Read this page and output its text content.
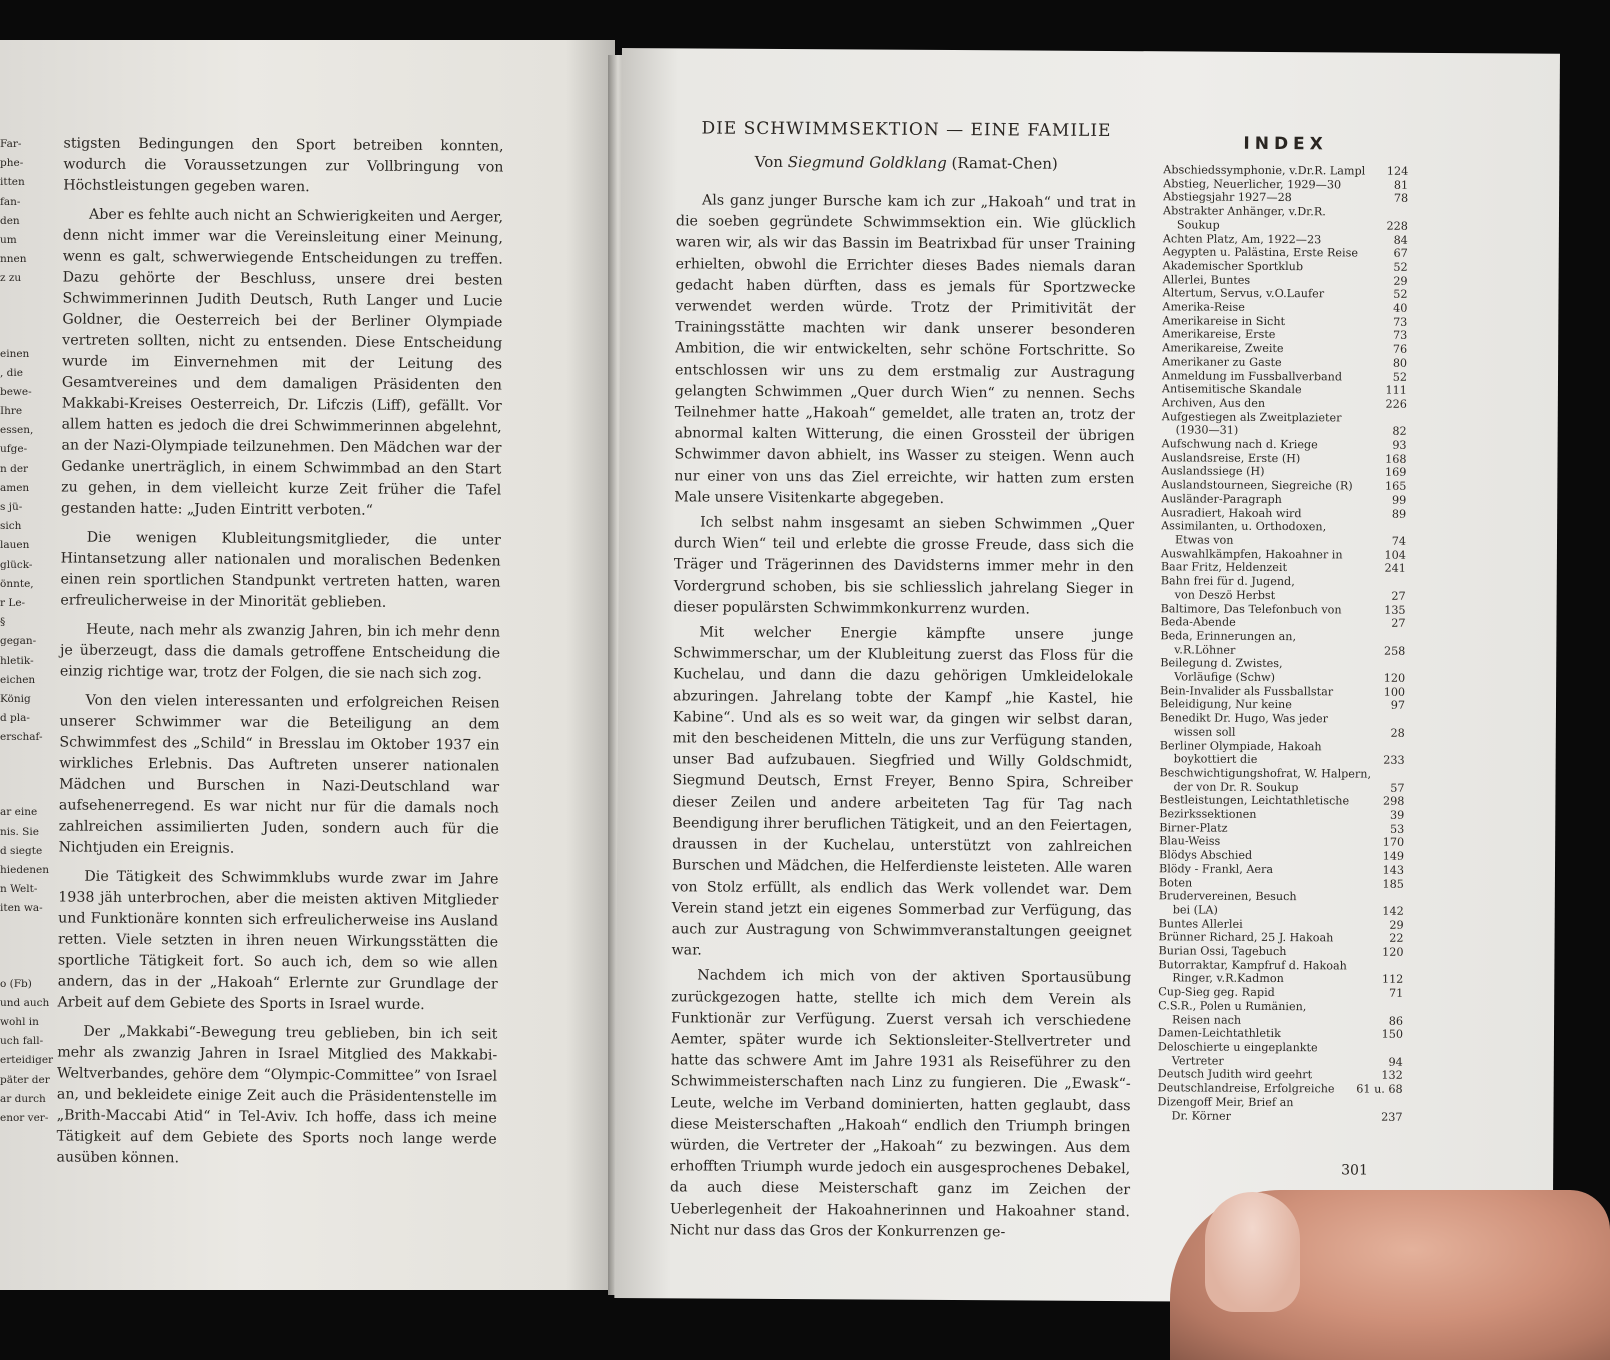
Far-
phe-
itten
fan-
den
um
nnen
z zu
einen
, die
bewe-
Ihre
essen,
ufge-
n der
amen
s jü-
sich
lauen
glück-
önnte,
r Le-
§
gegan-
hletik-
eichen
König
d pla-
erschaf-
ar eine
nis. Sie
d siegte
hiedenen
n Welt-
iten wa-
o (Fb)
und auch
wohl in
uch fall-
erteidiger
päter der
ar durch
enor ver-

stigsten Bedingungen den Sport betreiben konnten, wodurch die Voraussetzungen zur Vollbringung von Höchstleistungen gegeben waren.

Aber es fehlte auch nicht an Schwierigkeiten und Aerger, denn nicht immer war die Vereinsleitung einer Meinung, wenn es galt, schwerwiegende Entscheidungen zu treffen. Dazu gehörte der Beschluss, unsere drei besten Schwimmerinnen Judith Deutsch, Ruth Langer und Lucie Goldner, die Oesterreich bei der Berliner Olympiade vertreten sollten, nicht zu entsenden. Diese Entscheidung wurde im Einvernehmen mit der Leitung des Gesamtvereines und dem damaligen Präsidenten den Makkabi-Kreises Oesterreich, Dr. Lifczis (Liff), gefällt. Vor allem hatten es jedoch die drei Schwimmerinnen abgelehnt, an der Nazi-Olympiade teilzunehmen. Den Mädchen war der Gedanke unerträglich, in einem Schwimmbad an den Start zu gehen, in dem vielleicht kurze Zeit früher die Tafel gestanden hatte: „Juden Eintritt verboten.“

Die wenigen Klubleitungsmitglieder, die unter Hintansetzung aller nationalen und moralischen Bedenken einen rein sportlichen Standpunkt vertreten hatten, waren erfreulicherweise in der Minorität geblieben.

Heute, nach mehr als zwanzig Jahren, bin ich mehr denn je überzeugt, dass die damals getroffene Entscheidung die einzig richtige war, trotz der Folgen, die sie nach sich zog.

Von den vielen interessanten und erfolgreichen Reisen unserer Schwimmer war die Beteiligung an dem Schwimmfest des „Schild“ in Bresslau im Oktober 1937 ein wirkliches Erlebnis. Das Auftreten unserer nationalen Mädchen und Burschen in Nazi-Deutschland war aufsehenerregend. Es war nicht nur für die damals noch zahlreichen assimilierten Juden, sondern auch für die Nichtjuden ein Ereignis.

Die Tätigkeit des Schwimmklubs wurde zwar im Jahre 1938 jäh unterbrochen, aber die meisten aktiven Mitglieder und Funktionäre konnten sich erfreulicherweise ins Ausland retten. Viele setzten in ihren neuen Wirkungsstätten die sportliche Tätigkeit fort. So auch ich, dem so wie allen andern, das in der „Hakoah“ Erlernte zur Grundlage der Arbeit auf dem Gebiete des Sports in Israel wurde.

Der „Makkabi“-Bewegung treu geblieben, bin ich seit mehr als zwanzig Jahren in Israel Mitglied des Makkabi-Weltverbandes, gehöre dem “Olympic-Committee” von Israel an, und bekleidete einige Zeit auch die Präsidentenstelle im „Brith-Maccabi Atid“ in Tel-Aviv. Ich hoffe, dass ich meine Tätigkeit auf dem Gebiete des Sports noch lange werde ausüben können.

DIE SCHWIMMSEKTION — EINE FAMILIE
Von Siegmund Goldklang (Ramat-Chen)

Als ganz junger Bursche kam ich zur „Hakoah“ und trat in die soeben gegründete Schwimmsektion ein. Wie glücklich waren wir, als wir das Bassin im Beatrixbad für unser Training erhielten, obwohl die Errichter dieses Bades niemals daran gedacht haben dürften, dass es jemals für Sportzwecke verwendet werden würde. Trotz der Primitivität der Trainingsstätte machten wir dank unserer besonderen Ambition, die wir entwickelten, sehr schöne Fortschritte. So entschlossen wir uns zu dem erstmalig zur Austragung gelangten Schwimmen „Quer durch Wien“ zu nennen. Sechs Teilnehmer hatte „Hakoah“ gemeldet, alle traten an, trotz der abnormal kalten Witterung, die einen Grossteil der übrigen Schwimmer davon abhielt, ins Wasser zu steigen. Wenn auch nur einer von uns das Ziel erreichte, wir hatten zum ersten Male unsere Visitenkarte abgegeben.

Ich selbst nahm insgesamt an sieben Schwimmen „Quer durch Wien“ teil und erlebte die grosse Freude, dass sich die Träger und Trägerinnen des Davidsterns immer mehr in den Vordergrund schoben, bis sie schliesslich jahrelang Sieger in dieser populärsten Schwimmkonkurrenz wurden.

Mit welcher Energie kämpfte unsere junge Schwimmerschar, um der Klubleitung zuerst das Floss für die Kuchelau, und dann die dazu gehörigen Umkleidelokale abzuringen. Jahrelang tobte der Kampf „hie Kastel, hie Kabine“. Und als es so weit war, da gingen wir selbst daran, mit den bescheidenen Mitteln, die uns zur Verfügung standen, unser Bad aufzubauen. Siegfried und Willy Goldschmidt, Siegmund Deutsch, Ernst Freyer, Benno Spira, Schreiber dieser Zeilen und andere arbeiteten Tag für Tag nach Beendigung ihrer beruflichen Tätigkeit, und an den Feiertagen, draussen in der Kuchelau, unterstützt von zahlreichen Burschen und Mädchen, die Helferdienste leisteten. Alle waren von Stolz erfüllt, als endlich das Werk vollendet war. Dem Verein stand jetzt ein eigenes Sommerbad zur Verfügung, das auch zur Austragung von Schwimmveranstaltungen geeignet war.

Nachdem ich mich von der aktiven Sportausübung zurückgezogen hatte, stellte ich mich dem Verein als Funktionär zur Verfügung. Zuerst versah ich verschiedene Aemter, später wurde ich Sektionsleiter-Stellvertreter und hatte das schwere Amt im Jahre 1931 als Reiseführer zu den Schwimmeisterschaften nach Linz zu fungieren. Die „Ewask“-Leute, welche im Verband dominierten, hatten geglaubt, dass diese Meisterschaften „Hakoah“ endlich den Triumph bringen würden, die Vertreter der „Hakoah“ zu bezwingen. Aus dem erhofften Triumph wurde jedoch ein ausgesprochenes Debakel, da auch diese Meisterschaft ganz im Zeichen der Ueberlegenheit der Hakoahnerinnen und Hakoahner stand. Nicht nur dass das Gros der Konkurrenzen ge-

INDEX
Abschiedssymphonie, v.Dr.R. Lampl 124
Abstieg, Neuerlicher, 1929—30	81
Abstiegsjahr 1927—28	78
Abstrakter Anhänger, v.Dr.R.
Soukup	228
Achten Platz, Am, 1922—23	84
Aegypten u. Palästina, Erste Reise	67
Akademischer Sportklub	52
Allerlei, Buntes	29
Altertum, Servus, v.O.Laufer	52
Amerika-Reise	40
Amerikareise in Sicht	73
Amerikareise, Erste	73
Amerikareise, Zweite	76
Amerikaner zu Gaste	80
Anmeldung im Fussballverband	52
Antisemitische Skandale	111
Archiven, Aus den	226
Aufgestiegen als Zweitplazieter
(1930—31)	82
Aufschwung nach d. Kriege	93
Auslandsreise, Erste (H)	168
Auslandssiege (H)	169
Auslandstourneen, Siegreiche (R)	165
Ausländer-Paragraph	99
Ausradiert, Hakoah wird	89
Assimilanten, u. Orthodoxen,
Etwas von	74
Auswahlkämpfen, Hakoahner in	104
Baar Fritz, Heldenzeit	241
Bahn frei für d. Jugend,
von Deszö Herbst	27
Baltimore, Das Telefonbuch von	135
Beda-Abende	27
Beda, Erinnerungen an,
v.R.Löhner	258
Beilegung d. Zwistes,
Vorläufige (Schw)	120
Bein-Invalider als Fussballstar	100
Beleidigung, Nur keine	97
Benedikt Dr. Hugo, Was jeder
wissen soll	28
Berliner Olympiade, Hakoah
boykottiert die	233
Beschwichtigungshofrat, W. Halpern,
der von Dr. R. Soukup	57
Bestleistungen, Leichtathletische	298
Bezirkssektionen	39
Birner-Platz	53
Blau-Weiss	170
Blödys Abschied	149
Blödy - Frankl, Aera	143
Boten	185
Brudervereinen, Besuch
bei (LA)	142
Buntes Allerlei	29
Brünner Richard, 25 J. Hakoah	22
Burian Ossi, Tagebuch	120
Butorraktar, Kampfruf d. Hakoah
Ringer, v.R.Kadmon	112
Cup-Sieg geg. Rapid	71
C.S.R., Polen u Rumänien,
Reisen nach	86
Damen-Leichtathletik	150
Deloschierte u eingeplankte
Vertreter	94
Deutsch Judith wird geehrt	132
Deutschlandreise, Erfolgreiche 61 u. 68
Dizengoff Meir, Brief an
Dr. Körner	237
301
